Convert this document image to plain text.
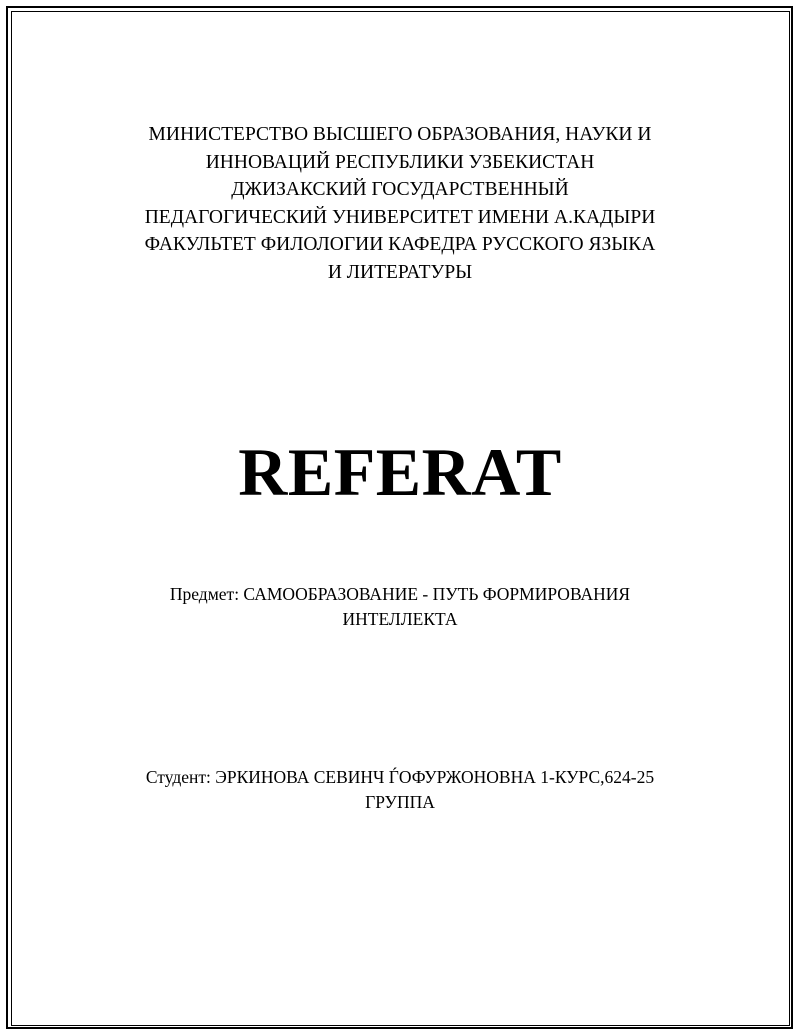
МИНИСТЕРСТВО ВЫСШЕГО ОБРАЗОВАНИЯ, НАУКИ И
ИННОВАЦИЙ РЕСПУБЛИКИ УЗБЕКИСТАН
ДЖИЗАКСКИЙ ГОСУДАРСТВЕННЫЙ
ПЕДАГОГИЧЕСКИЙ УНИВЕРСИТЕТ ИМЕНИ А.КАДЫРИ
ФАКУЛЬТЕТ ФИЛОЛОГИИ КАФЕДРА РУССКОГО ЯЗЫКА
И ЛИТЕРАТУРЫ
REFERAT
Предмет: САМООБРАЗОВАНИЕ - ПУТЬ ФОРМИРОВАНИЯ
ИНТЕЛЛЕКТА
Студент: ЭРКИНОВА СЕВИНЧ ЃОФУРЖОНОВНА 1-КУРС,624-25
ГРУППА
